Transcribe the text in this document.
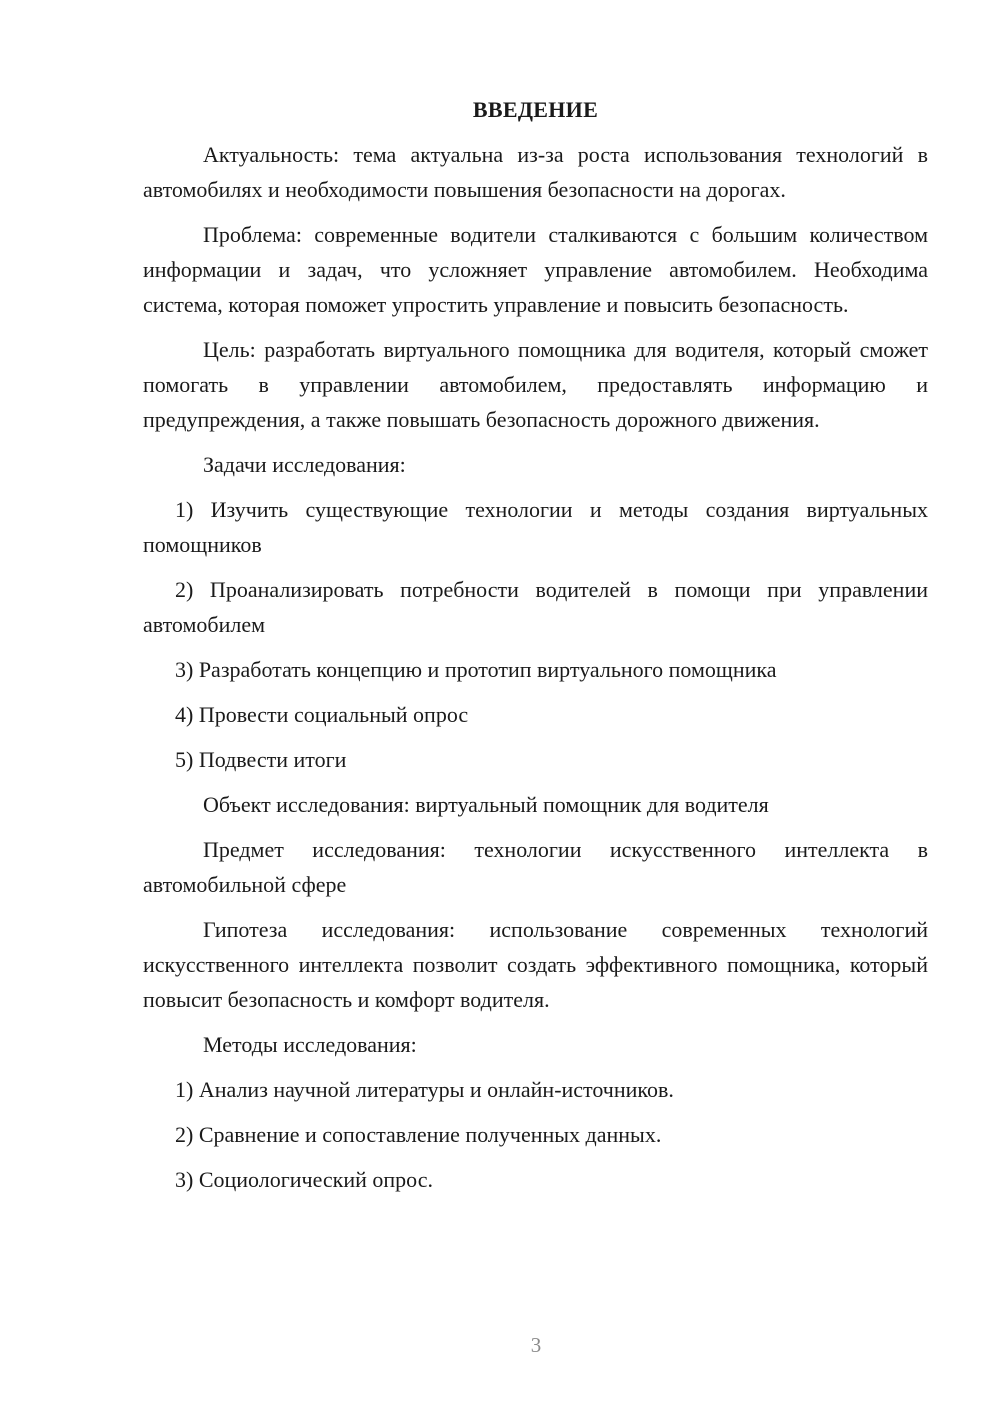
ВВЕДЕНИЕ

Актуальность: тема актуальна из-за роста использования технологий в автомобилях и необходимости повышения безопасности на дорогах.

Проблема: современные водители сталкиваются с большим количеством информации и задач, что усложняет управление автомобилем. Необходима система, которая поможет упростить управление и повысить безопасность.

Цель: разработать виртуального помощника для водителя, который сможет помогать в управлении автомобилем, предоставлять информацию и предупреждения, а также повышать безопасность дорожного движения.

Задачи исследования:

1) Изучить существующие технологии и методы создания виртуальных помощников

2) Проанализировать потребности водителей в помощи при управлении автомобилем

3) Разработать концепцию и прототип виртуального помощника

4) Провести социальный опрос

5) Подвести итоги

Объект исследования: виртуальный помощник для водителя

Предмет исследования: технологии искусственного интеллекта в автомобильной сфере

Гипотеза исследования: использование современных технологий искусственного интеллекта позволит создать эффективного помощника, который повысит безопасность и комфорт водителя.

Методы исследования:

1) Анализ научной литературы и онлайн-источников.

2) Сравнение и сопоставление полученных данных.

3) Социологический опрос.

3
